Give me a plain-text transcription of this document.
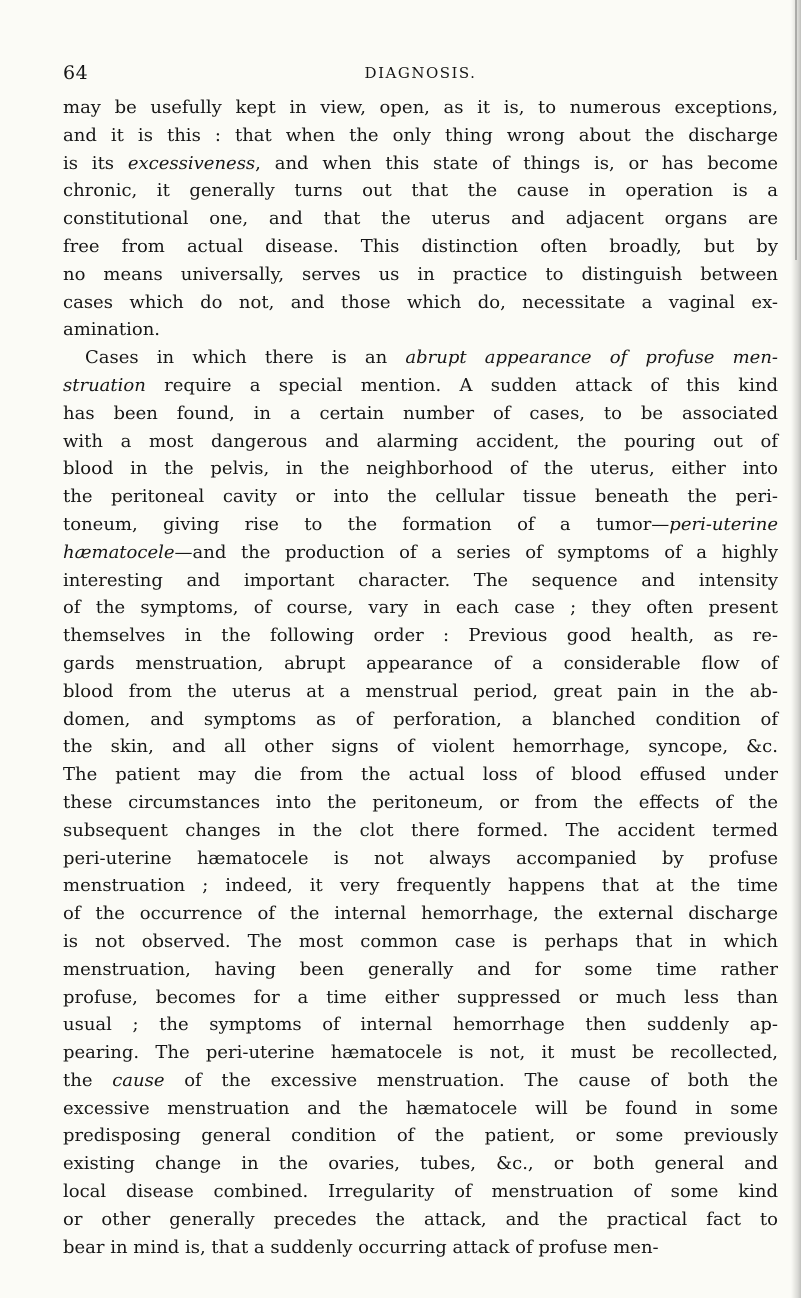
64	DIAGNOSIS.
may be usefully kept in view, open, as it is, to numerous exceptions,
and it is this : that when the only thing wrong about the discharge
is its excessiveness, and when this state of things is, or has become
chronic, it generally turns out that the cause in operation is a
constitutional one, and that the uterus and adjacent organs are
free from actual disease. This distinction often broadly, but by
no means universally, serves us in practice to distinguish between
cases which do not, and those which do, necessitate a vaginal ex-
amination.
Cases in which there is an abrupt appearance of profuse men-
struation require a special mention. A sudden attack of this kind
has been found, in a certain number of cases, to be associated
with a most dangerous and alarming accident, the pouring out of
blood in the pelvis, in the neighborhood of the uterus, either into
the peritoneal cavity or into the cellular tissue beneath the peri-
toneum, giving rise to the formation of a tumor—peri-uterine
hæmatocele—and the production of a series of symptoms of a highly
interesting and important character. The sequence and intensity
of the symptoms, of course, vary in each case ; they often present
themselves in the following order : Previous good health, as re-
gards menstruation, abrupt appearance of a considerable flow of
blood from the uterus at a menstrual period, great pain in the ab-
domen, and symptoms as of perforation, a blanched condition of
the skin, and all other signs of violent hemorrhage, syncope, &c.
The patient may die from the actual loss of blood effused under
these circumstances into the peritoneum, or from the effects of the
subsequent changes in the clot there formed. The accident termed
peri-uterine hæmatocele is not always accompanied by profuse
menstruation ; indeed, it very frequently happens that at the time
of the occurrence of the internal hemorrhage, the external discharge
is not observed. The most common case is perhaps that in which
menstruation, having been generally and for some time rather
profuse, becomes for a time either suppressed or much less than
usual ; the symptoms of internal hemorrhage then suddenly ap-
pearing. The peri-uterine hæmatocele is not, it must be recollected,
the cause of the excessive menstruation. The cause of both the
excessive menstruation and the hæmatocele will be found in some
predisposing general condition of the patient, or some previously
existing change in the ovaries, tubes, &c., or both general and
local disease combined. Irregularity of menstruation of some kind
or other generally precedes the attack, and the practical fact to
bear in mind is, that a suddenly occurring attack of profuse men-
